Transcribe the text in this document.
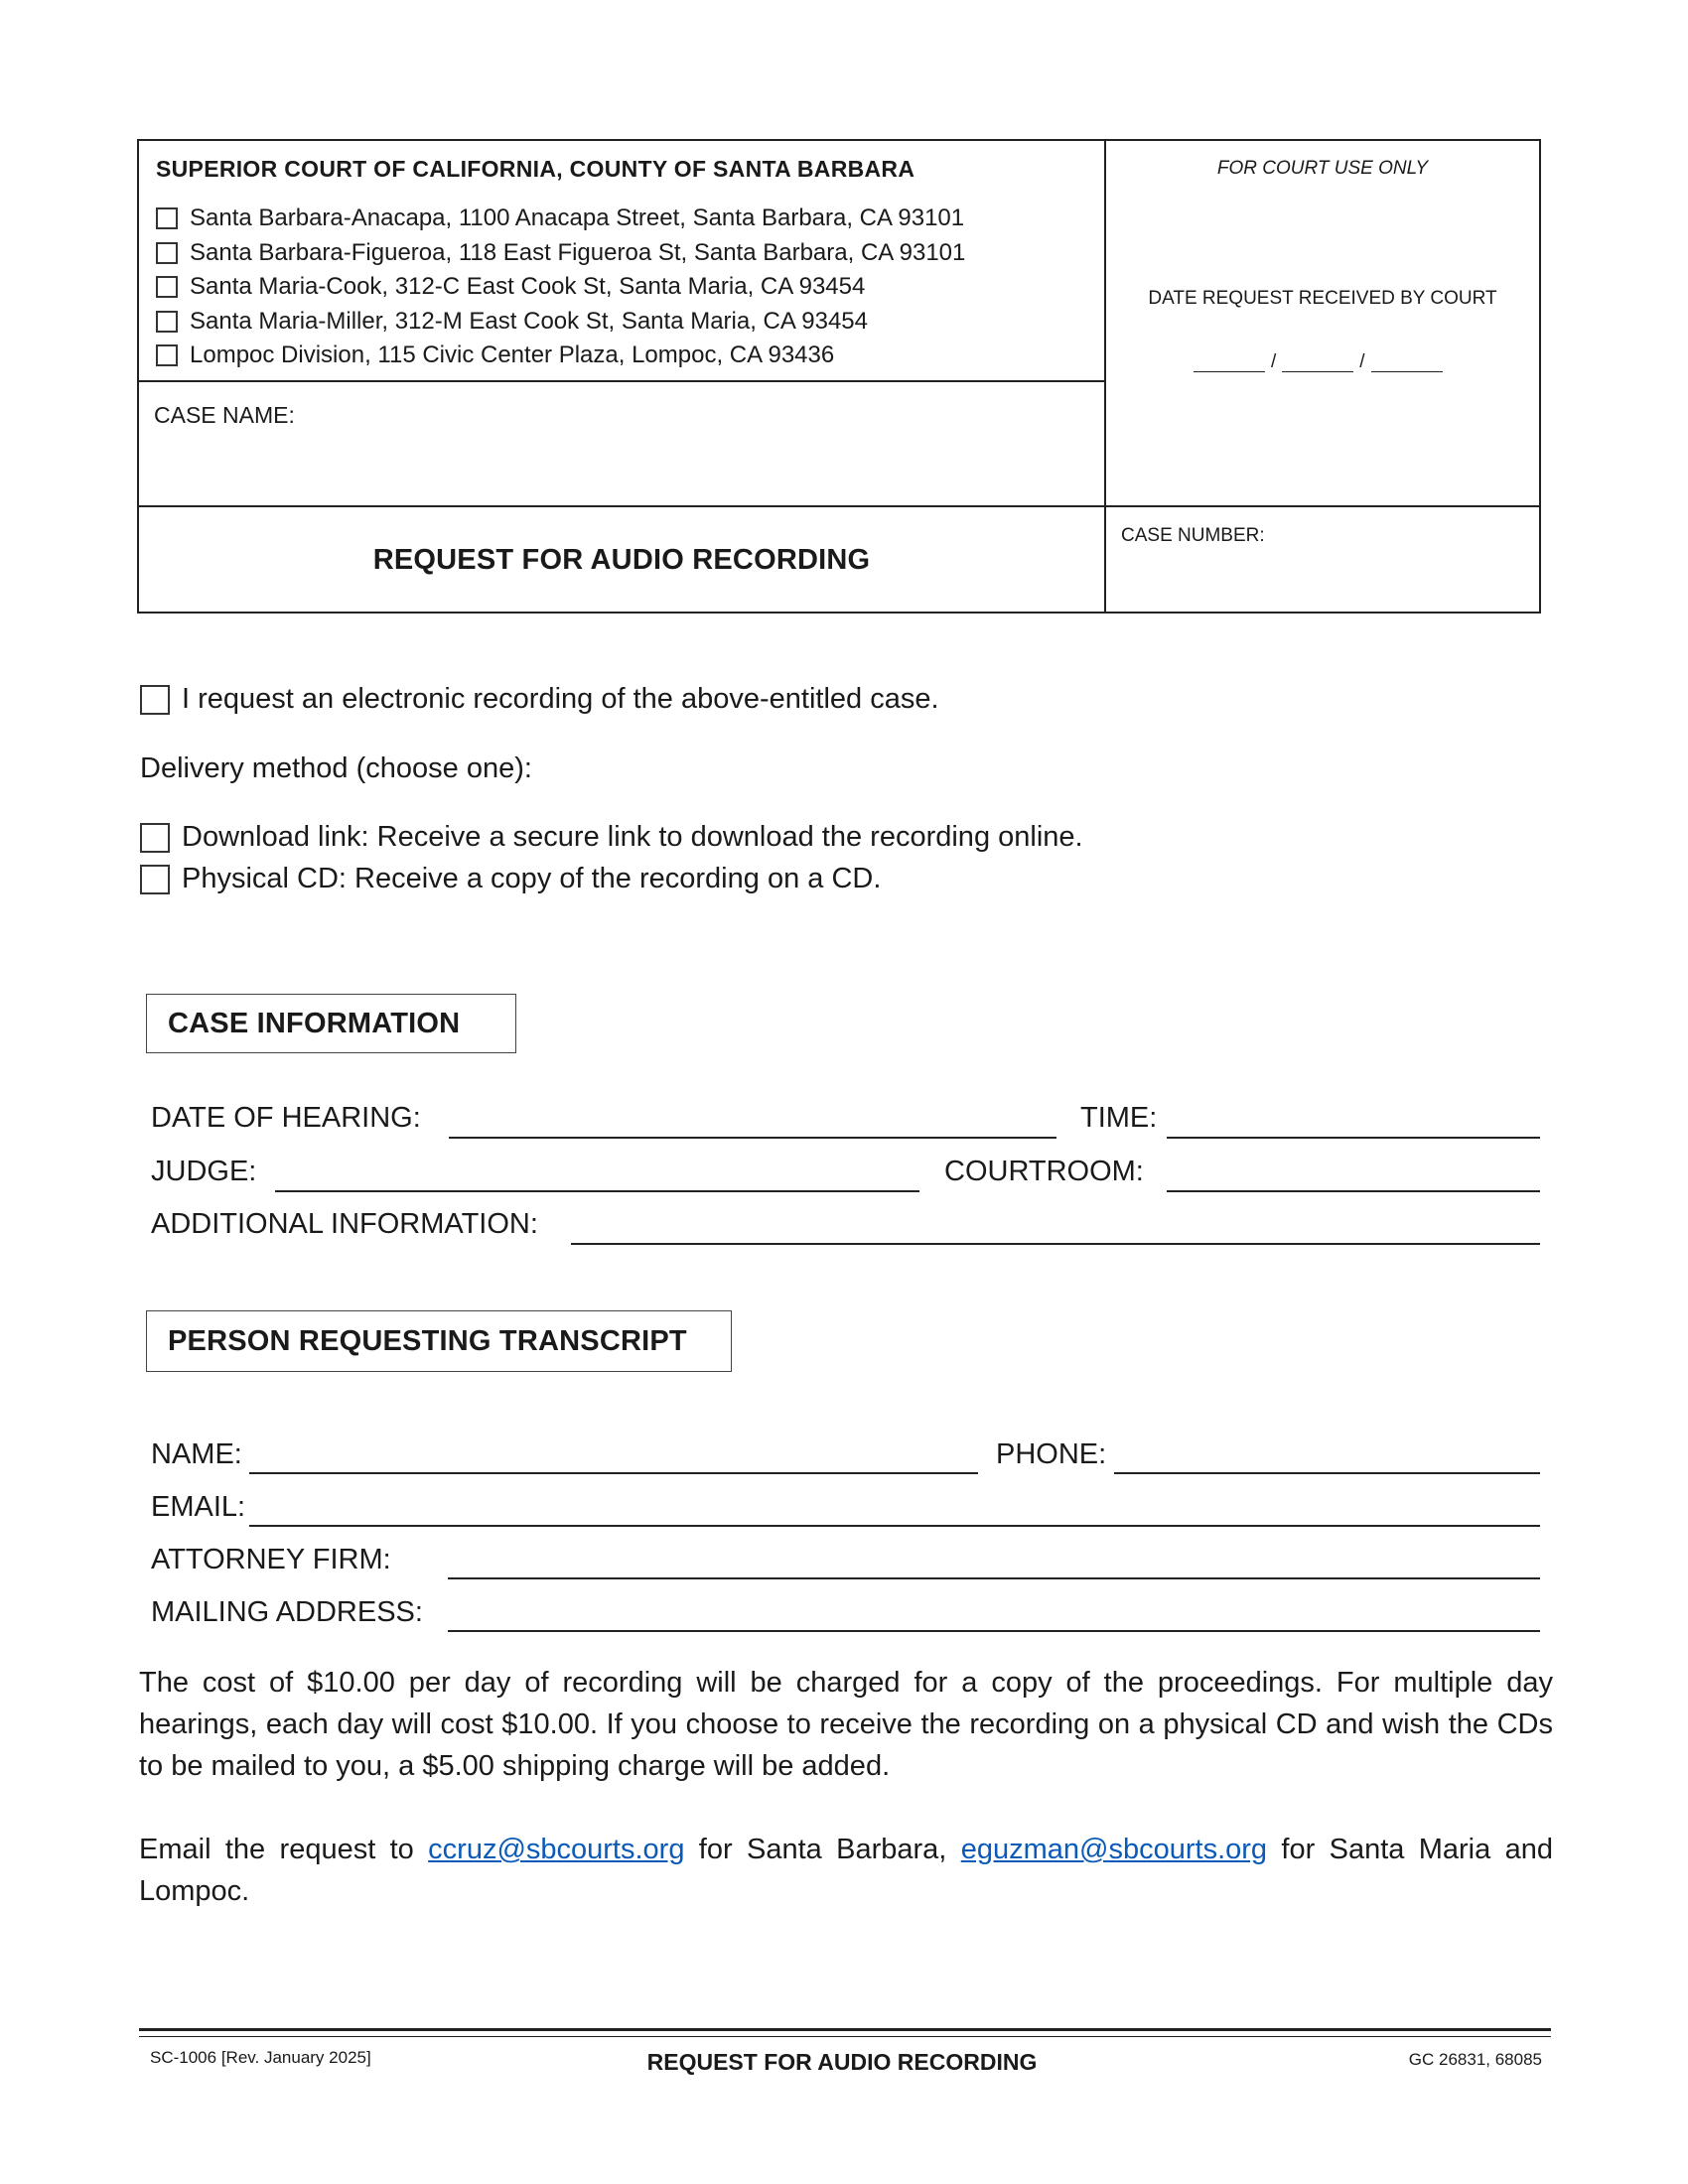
SUPERIOR COURT OF CALIFORNIA, COUNTY OF SANTA BARBARA
Santa Barbara-Anacapa, 1100 Anacapa Street, Santa Barbara, CA 93101
Santa Barbara-Figueroa, 118 East Figueroa St, Santa Barbara, CA 93101
Santa Maria-Cook, 312-C East Cook St, Santa Maria, CA 93454
Santa Maria-Miller, 312-M East Cook St, Santa Maria, CA 93454
Lompoc Division, 115 Civic Center Plaza, Lompoc, CA 93436
CASE NAME:
REQUEST FOR AUDIO RECORDING
FOR COURT USE ONLY
DATE REQUEST RECEIVED BY COURT
/	/
CASE NUMBER:
I request an electronic recording of the above-entitled case.
Delivery method (choose one):
Download link: Receive a secure link to download the recording online.
Physical CD: Receive a copy of the recording on a CD.
CASE INFORMATION
DATE OF HEARING:	TIME:
JUDGE:	COURTROOM:
ADDITIONAL INFORMATION:
PERSON REQUESTING TRANSCRIPT
NAME:	PHONE:
EMAIL:
ATTORNEY FIRM:
MAILING ADDRESS:
The cost of $10.00 per day of recording will be charged for a copy of the proceedings. For multiple day hearings, each day will cost $10.00. If you choose to receive the recording on a physical CD and wish the CDs to be mailed to you, a $5.00 shipping charge will be added.
Email the request to ccruz@sbcourts.org for Santa Barbara, eguzman@sbcourts.org for Santa Maria and Lompoc.
SC-1006 [Rev. January 2025]	REQUEST FOR AUDIO RECORDING	GC 26831, 68085
